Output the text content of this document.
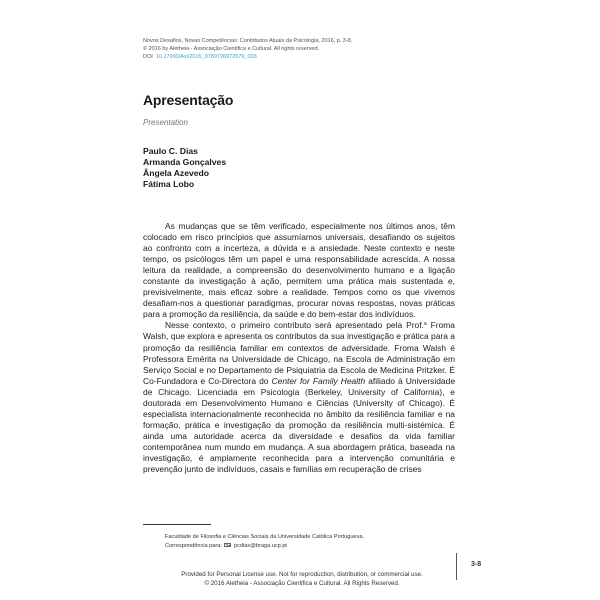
Novos Desafios, Novas Competências: Contributos Atuais da Psicologia, 2016, p. 3-8.
© 2016 by Aletheia - Associação Científica e Cultural. All rights reserved.
DOI 10.17990/Axi/2016_9789726972679_003
Apresentação
Presentation
Paulo C. Dias
Armanda Gonçalves
Ângela Azevedo
Fátima Lobo

As mudanças que se têm verificado, especialmente nos últimos anos, têm colocado em risco princípios que assumíamos universais, desafiando os sujeitos ao confronto com a incerteza, a dúvida e a ansiedade. Neste contexto e neste tempo, os psicólogos têm um papel e uma responsabilidade acrescida. A nossa leitura da realidade, a compreensão do desenvolvimento humano e a ligação constante da investigação à ação, permitem uma prática mais sustentada e, previsivelmente, mais eficaz sobre a realidade. Tempos como os que vivemos desafiam-nos a questionar paradigmas, procurar novas respostas, novas práticas para a promoção da resiliência, da saúde e do bem-estar dos indivíduos.

Nesse contexto, o primeiro contributo será apresentado pela Prof.$^a$ Froma Walsh, que explora e apresenta os contributos da sua investigação e prática para a promoção da resiliência familiar em contextos de adversidade. Froma Walsh é Professora Emérita na Universidade de Chicago, na Escola de Administração em Serviço Social e no Departamento de Psiquiatria da Escola de Medicina Pritzker. É Co-Fundadora e Co-Directora do Center for Family Health afiliado à Universidade de Chicago. Licenciada em Psicologia (Berkeley, University of California), e doutorada em Desenvolvimento Humano e Ciências (University of Chicago). É especialista internacionalmente reconhecida no âmbito da resiliência familiar e na formação, prática e investigação da promoção da resiliência multi-sistémica. É ainda uma autoridade acerca da diversidade e desafios da vida familiar contemporânea num mundo em mudança. A sua abordagem prática, baseada na investigação, é amplamente reconhecida para a intervenção comunitária e prevenção junto de indivíduos, casais e famílias em recuperação de crises

Faculdade de Filosofia e Ciências Sociais da Universidade Católica Portuguesa.
Correspondência para: pcdias@braga.ucp.pt
3-8
Provided for Personal License use. Not for reproduction, distribution, or commercial use.
© 2016 Aletheia - Associação Cientifica e Cultural. All Rights Reserved.
